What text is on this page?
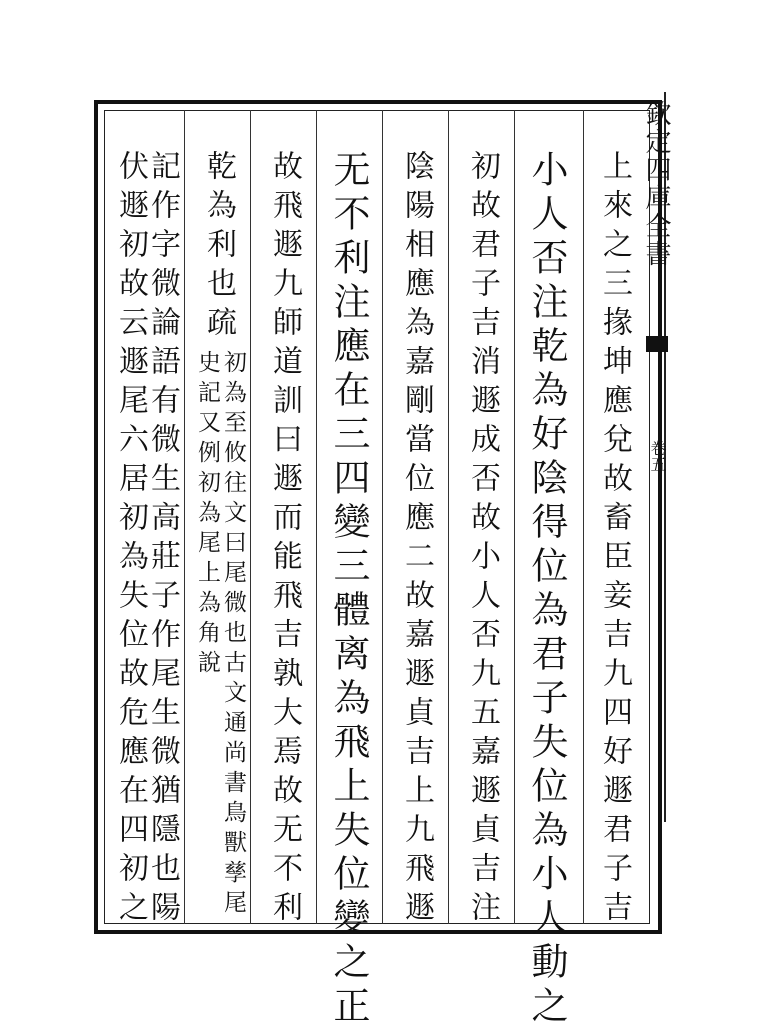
欽定四庫全書
卷五
上來之三掾坤應兌故畜臣妾吉九四好遯君子吉
小人否注乾為好陰得位為君子失位為小人動之
初故君子吉消遯成否故小人否九五嘉遯貞吉注
陰陽相應為嘉剛當位應二故嘉遯貞吉上九飛遯
无不利注應在三四變三體离為飛上失位變之正
故飛遯九師道訓曰遯而能飛吉孰大焉故无不利
乾為利也疏
初為至攸往文曰尾微也古文通尚書鳥獸孳尾史記又例初為尾上為角說
記作字微論語有微生高莊子作尾生微猶隱也陽
伏遯初故云遯尾六居初為失位故危應在四初之
